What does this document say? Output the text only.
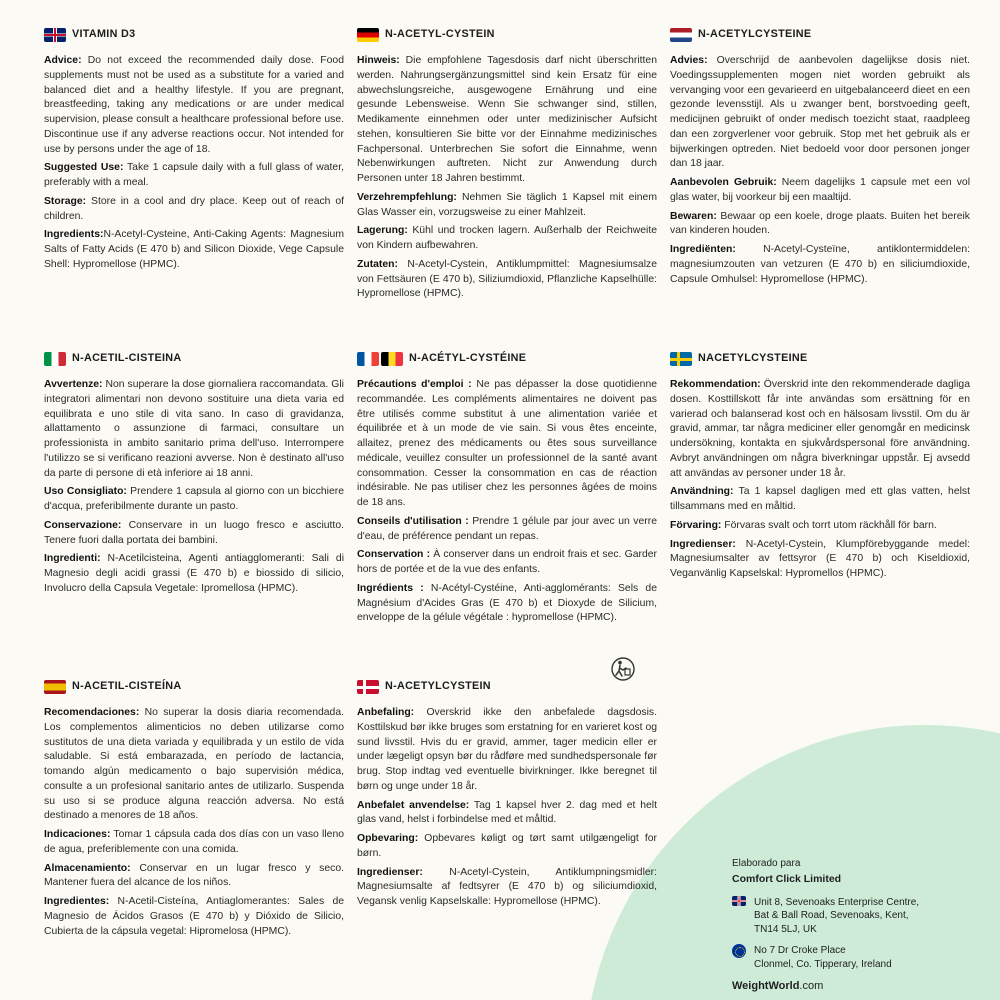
VITAMIN D3
Advice: Do not exceed the recommended daily dose. Food supplements must not be used as a substitute for a varied and balanced diet and a healthy lifestyle. If you are pregnant, breastfeeding, taking any medications or are under medical supervision, please consult a healthcare professional before use. Discontinue use if any adverse reactions occur. Not intended for use by persons under the age of 18.
Suggested Use: Take 1 capsule daily with a full glass of water, preferably with a meal.
Storage: Store in a cool and dry place. Keep out of reach of children.
Ingredients:N-Acetyl-Cysteine, Anti-Caking Agents: Magnesium Salts of Fatty Acids (E 470 b) and Silicon Dioxide, Vege Capsule Shell: Hypromellose (HPMC).
N-ACETYL-CYSTEIN
Hinweis: Die empfohlene Tagesdosis darf nicht überschritten werden. Nahrungsergänzungsmittel sind kein Ersatz für eine abwechslungsreiche, ausgewogene Ernährung und eine gesunde Lebensweise. Wenn Sie schwanger sind, stillen, Medikamente einnehmen oder unter medizinischer Aufsicht stehen, konsultieren Sie bitte vor der Einnahme medizinisches Fachpersonal. Unterbrechen Sie sofort die Einnahme, wenn Nebenwirkungen auftreten. Nicht zur Anwendung durch Personen unter 18 Jahren bestimmt.
Verzehrempfehlung: Nehmen Sie täglich 1 Kapsel mit einem Glas Wasser ein, vorzugsweise zu einer Mahlzeit.
Lagerung: Kühl und trocken lagern. Außerhalb der Reichweite von Kindern aufbewahren.
Zutaten: N-Acetyl-Cystein, Antiklumpmittel: Magnesiumsalze von Fettsäuren (E 470 b), Siliziumdioxid, Pflanzliche Kapselhülle: Hypromellose (HPMC).
N-ACETYLCYSTEINE
Advies: Overschrijd de aanbevolen dagelijkse dosis niet. Voedingssupplementen mogen niet worden gebruikt als vervanging voor een gevarieerd en uitgebalanceerd dieet en een gezonde levensstijl. Als u zwanger bent, borstvoeding geeft, medicijnen gebruikt of onder medisch toezicht staat, raadpleeg dan een zorgverlener voor gebruik. Stop met het gebruik als er bijwerkingen optreden. Niet bedoeld voor door personen jonger dan 18 jaar.
Aanbevolen Gebruik: Neem dagelijks 1 capsule met een vol glas water, bij voorkeur bij een maaltijd.
Bewaren: Bewaar op een koele, droge plaats. Buiten het bereik van kinderen houden.
Ingrediënten: N-Acetyl-Cysteïne, antiklontermiddelen: magnesiumzouten van vetzuren (E 470 b) en siliciumdioxide, Capsule Omhulsel: Hypromellose (HPMC).
N-ACETIL-CISTEINA
Avvertenze: Non superare la dose giornaliera raccomandata. Gli integratori alimentari non devono sostituire una dieta varia ed equilibrata e uno stile di vita sano. In caso di gravidanza, allattamento o assunzione di farmaci, consultare un professionista in ambito sanitario prima dell'uso. Interrompere l'utilizzo se si verificano reazioni avverse. Non è destinato all'uso da parte di persone di età inferiore ai 18 anni.
Uso Consigliato: Prendere 1 capsula al giorno con un bicchiere d'acqua, preferibilmente durante un pasto.
Conservazione: Conservare in un luogo fresco e asciutto. Tenere fuori dalla portata dei bambini.
Ingredienti: N-Acetilcisteina, Agenti antiagglomeranti: Sali di Magnesio degli acidi grassi (E 470 b) e biossido di silicio, Involucro della Capsula Vegetale: Ipromellosa (HPMC).
N-ACÉTYL-CYSTÉINE
Précautions d'emploi : Ne pas dépasser la dose quotidienne recommandée. Les compléments alimentaires ne doivent pas être utilisés comme substitut à une alimentation variée et équilibrée et à un mode de vie sain. Si vous êtes enceinte, allaitez, prenez des médicaments ou êtes sous surveillance médicale, veuillez consulter un professionnel de la santé avant consommation. Cesser la consommation en cas de réaction indésirable. Ne pas utiliser chez les personnes âgées de moins de 18 ans.
Conseils d'utilisation : Prendre 1 gélule par jour avec un verre d'eau, de préférence pendant un repas.
Conservation : À conserver dans un endroit frais et sec. Garder hors de portée et de la vue des enfants.
Ingrédients : N-Acétyl-Cystéine, Anti-agglomérants: Sels de Magnésium d'Acides Gras (E 470 b) et Dioxyde de Silicium, enveloppe de la gélule végétale : hypromellose (HPMC).
NACETYLCYSTEINE
Rekommendation: Överskrid inte den rekommenderade dagliga dosen. Kosttillskott får inte användas som ersättning för en varierad och balanserad kost och en hälsosam livsstil. Om du är gravid, ammar, tar några mediciner eller genomgår en medicinsk undersökning, kontakta en sjukvårdspersonal före användning. Avbryt användningen om några biverkningar uppstår. Ej avsedd att användas av personer under 18 år.
Användning: Ta 1 kapsel dagligen med ett glas vatten, helst tillsammans med en måltid.
Förvaring: Förvaras svalt och torrt utom räckhåll för barn.
Ingredienser: N-Acetyl-Cystein, Klumpförebyggande medel: Magnesiumsalter av fettsyror (E 470 b) och Kiseldioxid, Veganvänlig Kapselskal: Hypromellos (HPMC).
N-ACETIL-CISTEÍNA
Recomendaciones: No superar la dosis diaria recomendada. Los complementos alimenticios no deben utilizarse como sustitutos de una dieta variada y equilibrada y un estilo de vida saludable. Si está embarazada, en período de lactancia, tomando algún medicamento o bajo supervisión médica, consulte a un profesional sanitario antes de utilizarlo. Suspenda su uso si se produce alguna reacción adversa. No está destinado a menores de 18 años.
Indicaciones: Tomar 1 cápsula cada dos días con un vaso lleno de agua, preferiblemente con una comida.
Almacenamiento: Conservar en un lugar fresco y seco. Mantener fuera del alcance de los niños.
Ingredientes: N-Acetil-Cisteína, Antiaglomerantes: Sales de Magnesio de Ácidos Grasos (E 470 b) y Dióxido de Silicio, Cubierta de la cápsula vegetal: Hipromelosa (HPMC).
N-ACETYLCYSTEIN
Anbefaling: Overskrid ikke den anbefalede dagsdosis. Kosttilskud bør ikke bruges som erstatning for en varieret kost og sund livsstil. Hvis du er gravid, ammer, tager medicin eller er under lægeligt opsyn bør du rådføre med sundhedspersonale før brug. Stop indtag ved eventuelle bivirkninger. Ikke beregnet til børn og unge under 18 år.
Anbefalet anvendelse: Tag 1 kapsel hver 2. dag med et helt glas vand, helst i forbindelse med et måltid.
Opbevaring: Opbevares køligt og tørt samt utilgængeligt for børn.
Ingredienser: N-Acetyl-Cystein, Antiklumpningsmidler: Magnesiumsalte af fedtsyrer (E 470 b) og siliciumdioxid, Vegansk venlig Kapselskalle: Hypromellose (HPMC).
Elaborado para
Comfort Click Limited
Unit 8, Sevenoaks Enterprise Centre,
Bat & Ball Road, Sevenoaks, Kent,
TN14 5LJ, UK
No 7 Dr Croke Place
Clonmel, Co. Tipperary, Ireland
WeightWorld.com
